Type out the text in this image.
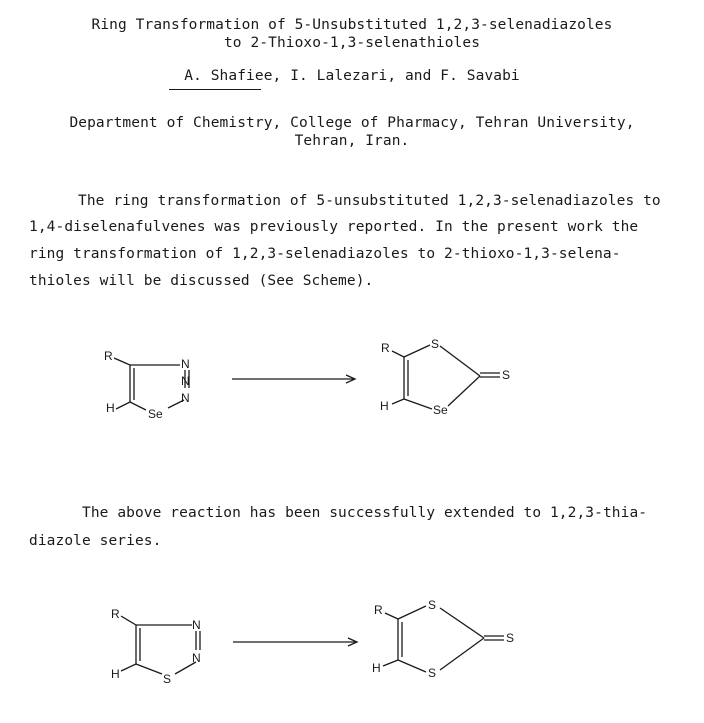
Ring Transformation of 5-Unsubstituted 1,2,3-selenadiazoles
to 2-Thioxo-1,3-selenathioles
A. Shafiee, I. Lalezari, and F. Savabi
Department of Chemistry, College of Pharmacy, Tehran University,
Tehran, Iran.
The ring transformation of 5-unsubstituted 1,2,3-selenadiazoles to
1,4-diselenafulvenes was previously reported. In the present work the
ring transformation of 1,2,3-selenadiazoles to 2-thioxo-1,3-selena-
thioles will be discussed (See Scheme).
R
H
N
N
N
Se
R
H
S
S
Se
The above reaction has been successfully extended to 1,2,3-thia-
diazole series.
R
H
N
N
S
R
H
S
S
S
